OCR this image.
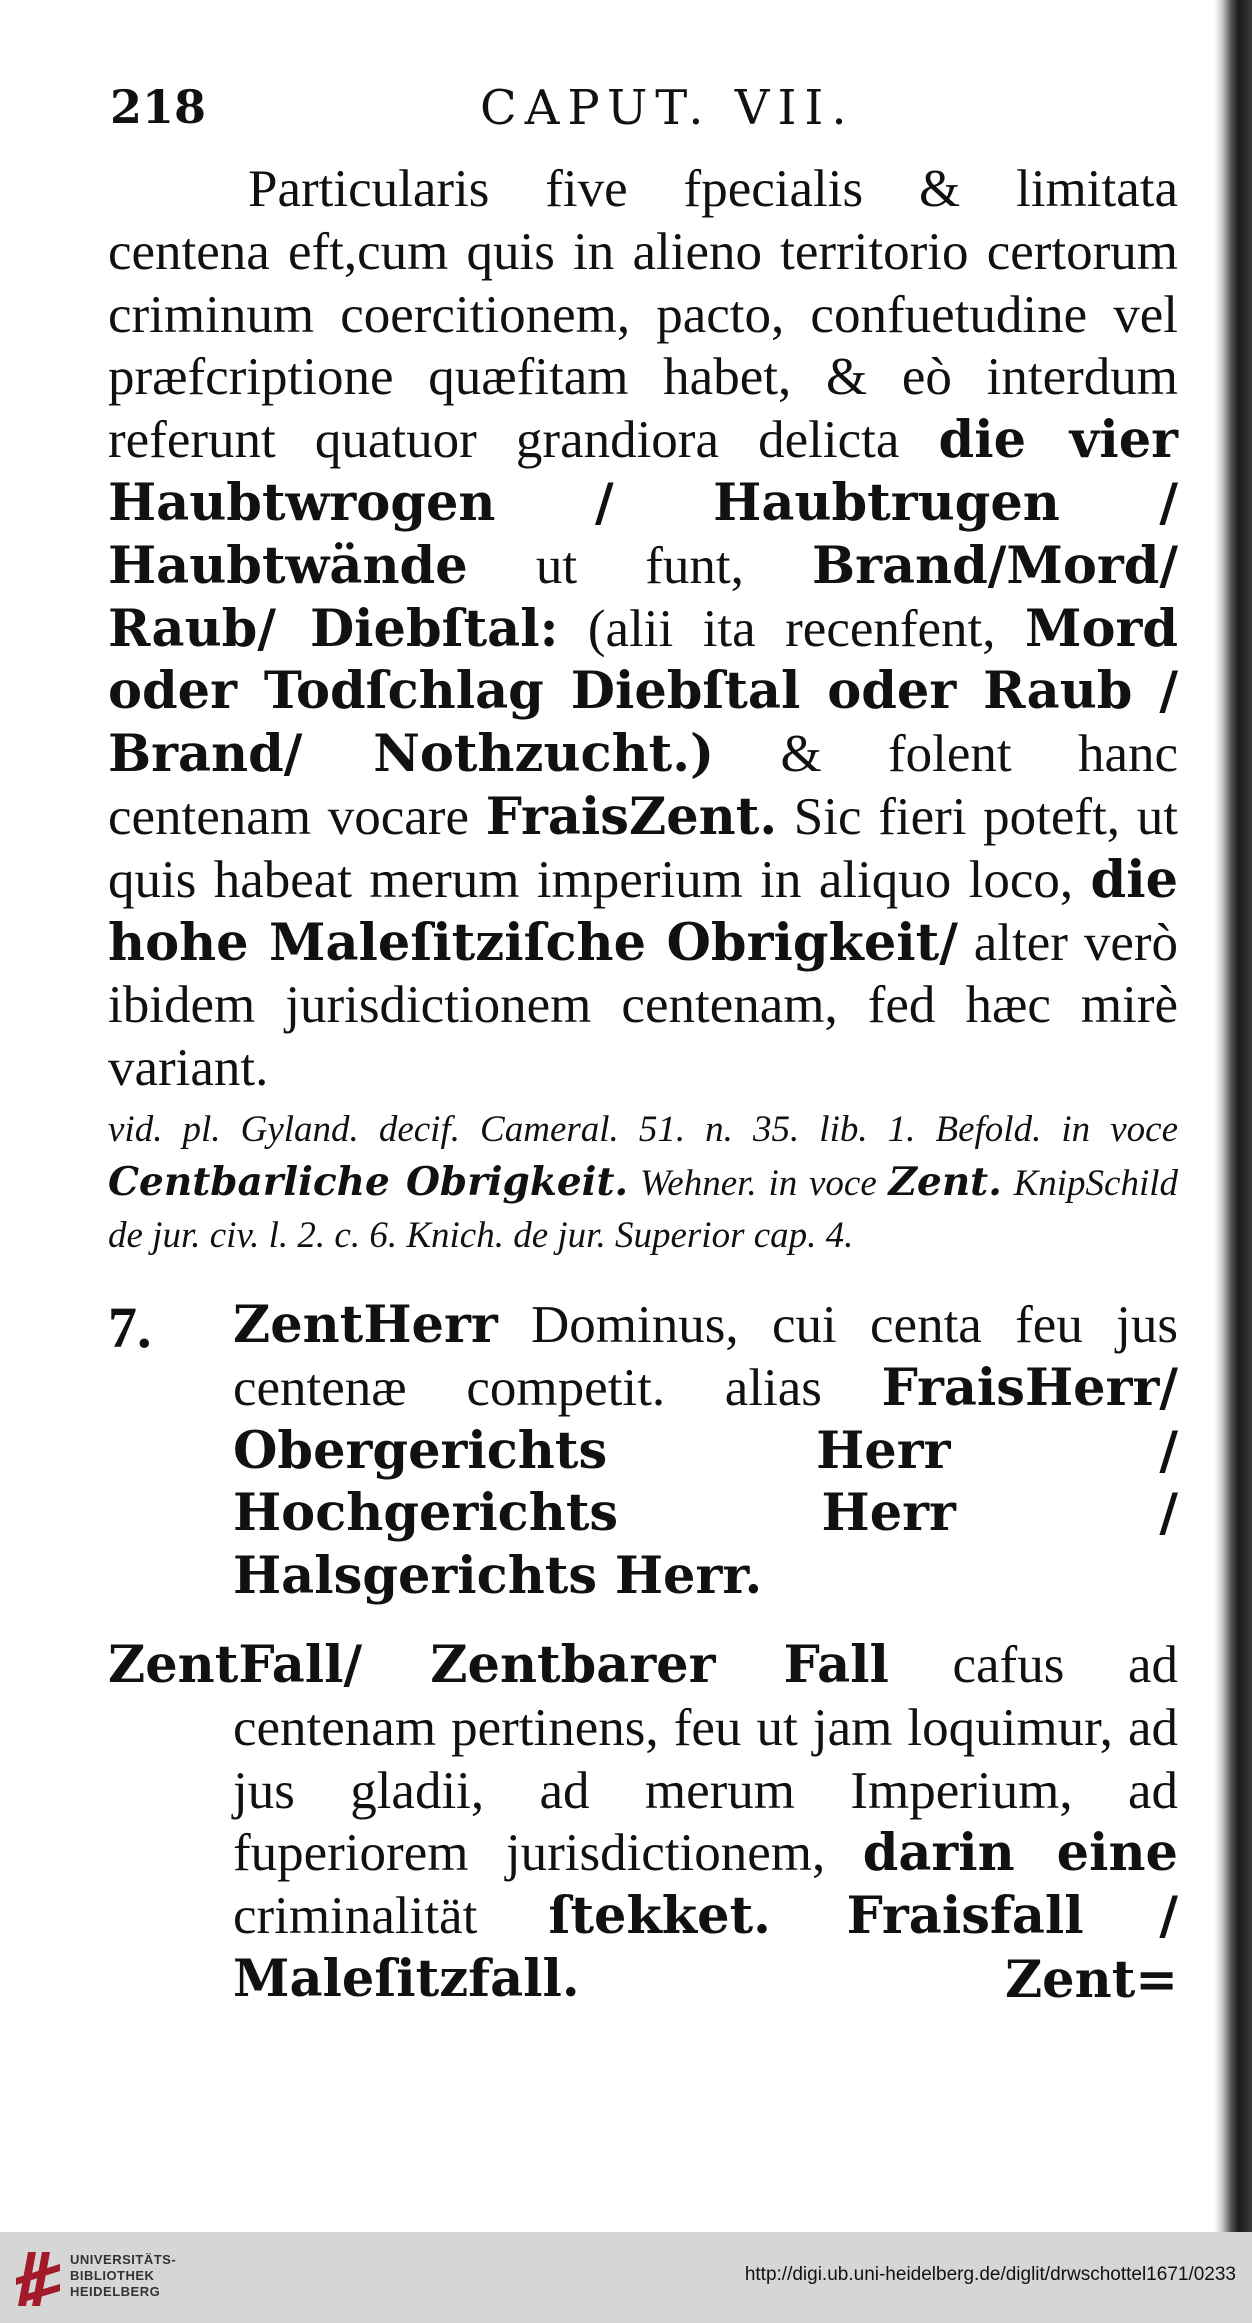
218	CAPUT. VII.

Particularis five fpecialis & limitata centena eft,cum quis in alieno territorio certorum criminum coercitionem, pacto, confuetudine vel præfcriptione quæfitam habet, & eò interdum referunt quatuor grandiora delicta die vier Haubtwrogen / Haubtrugen / Haubtwände ut funt, Brand/Mord/ Raub/ Diebſtal: (alii ita recenfent, Mord oder Todſchlag Diebſtal oder Raub / Brand/ Nothzucht.) & folent hanc centenam vocare FraisZent. Sic fieri poteft, ut quis habeat merum imperium in aliquo loco, die hohe Maleſitziſche Obrigkeit/ alter verò ibidem jurisdictionem centenam, fed hæc mirè variant.

vid. pl. Gyland. decif. Cameral. 51. n. 35. lib. 1. Befold. in voce Centbarliche Obrigkeit. Wehner. in voce Zent. KnipSchild de jur. civ. l. 2. c. 6. Knich. de jur. Superior cap. 4.

7. ZentHerr Dominus, cui centa feu jus centenæ competit. alias FraisHerr/ Obergerichts Herr / Hochgerichts Herr / Halsgerichts Herr.

ZentFall/ Zentbarer Fall cafus ad centenam pertinens, feu ut jam loquimur, ad jus gladii, ad merum Imperium, ad fuperiorem jurisdictionem, darin eine criminalität ſtekket. Fraisfall / Maleſitzfall.	Zent=

UNIVERSITÄTS-
BIBLIOTHEK
HEIDELBERG
http://digi.ub.uni-heidelberg.de/diglit/drwschottel1671/0233
